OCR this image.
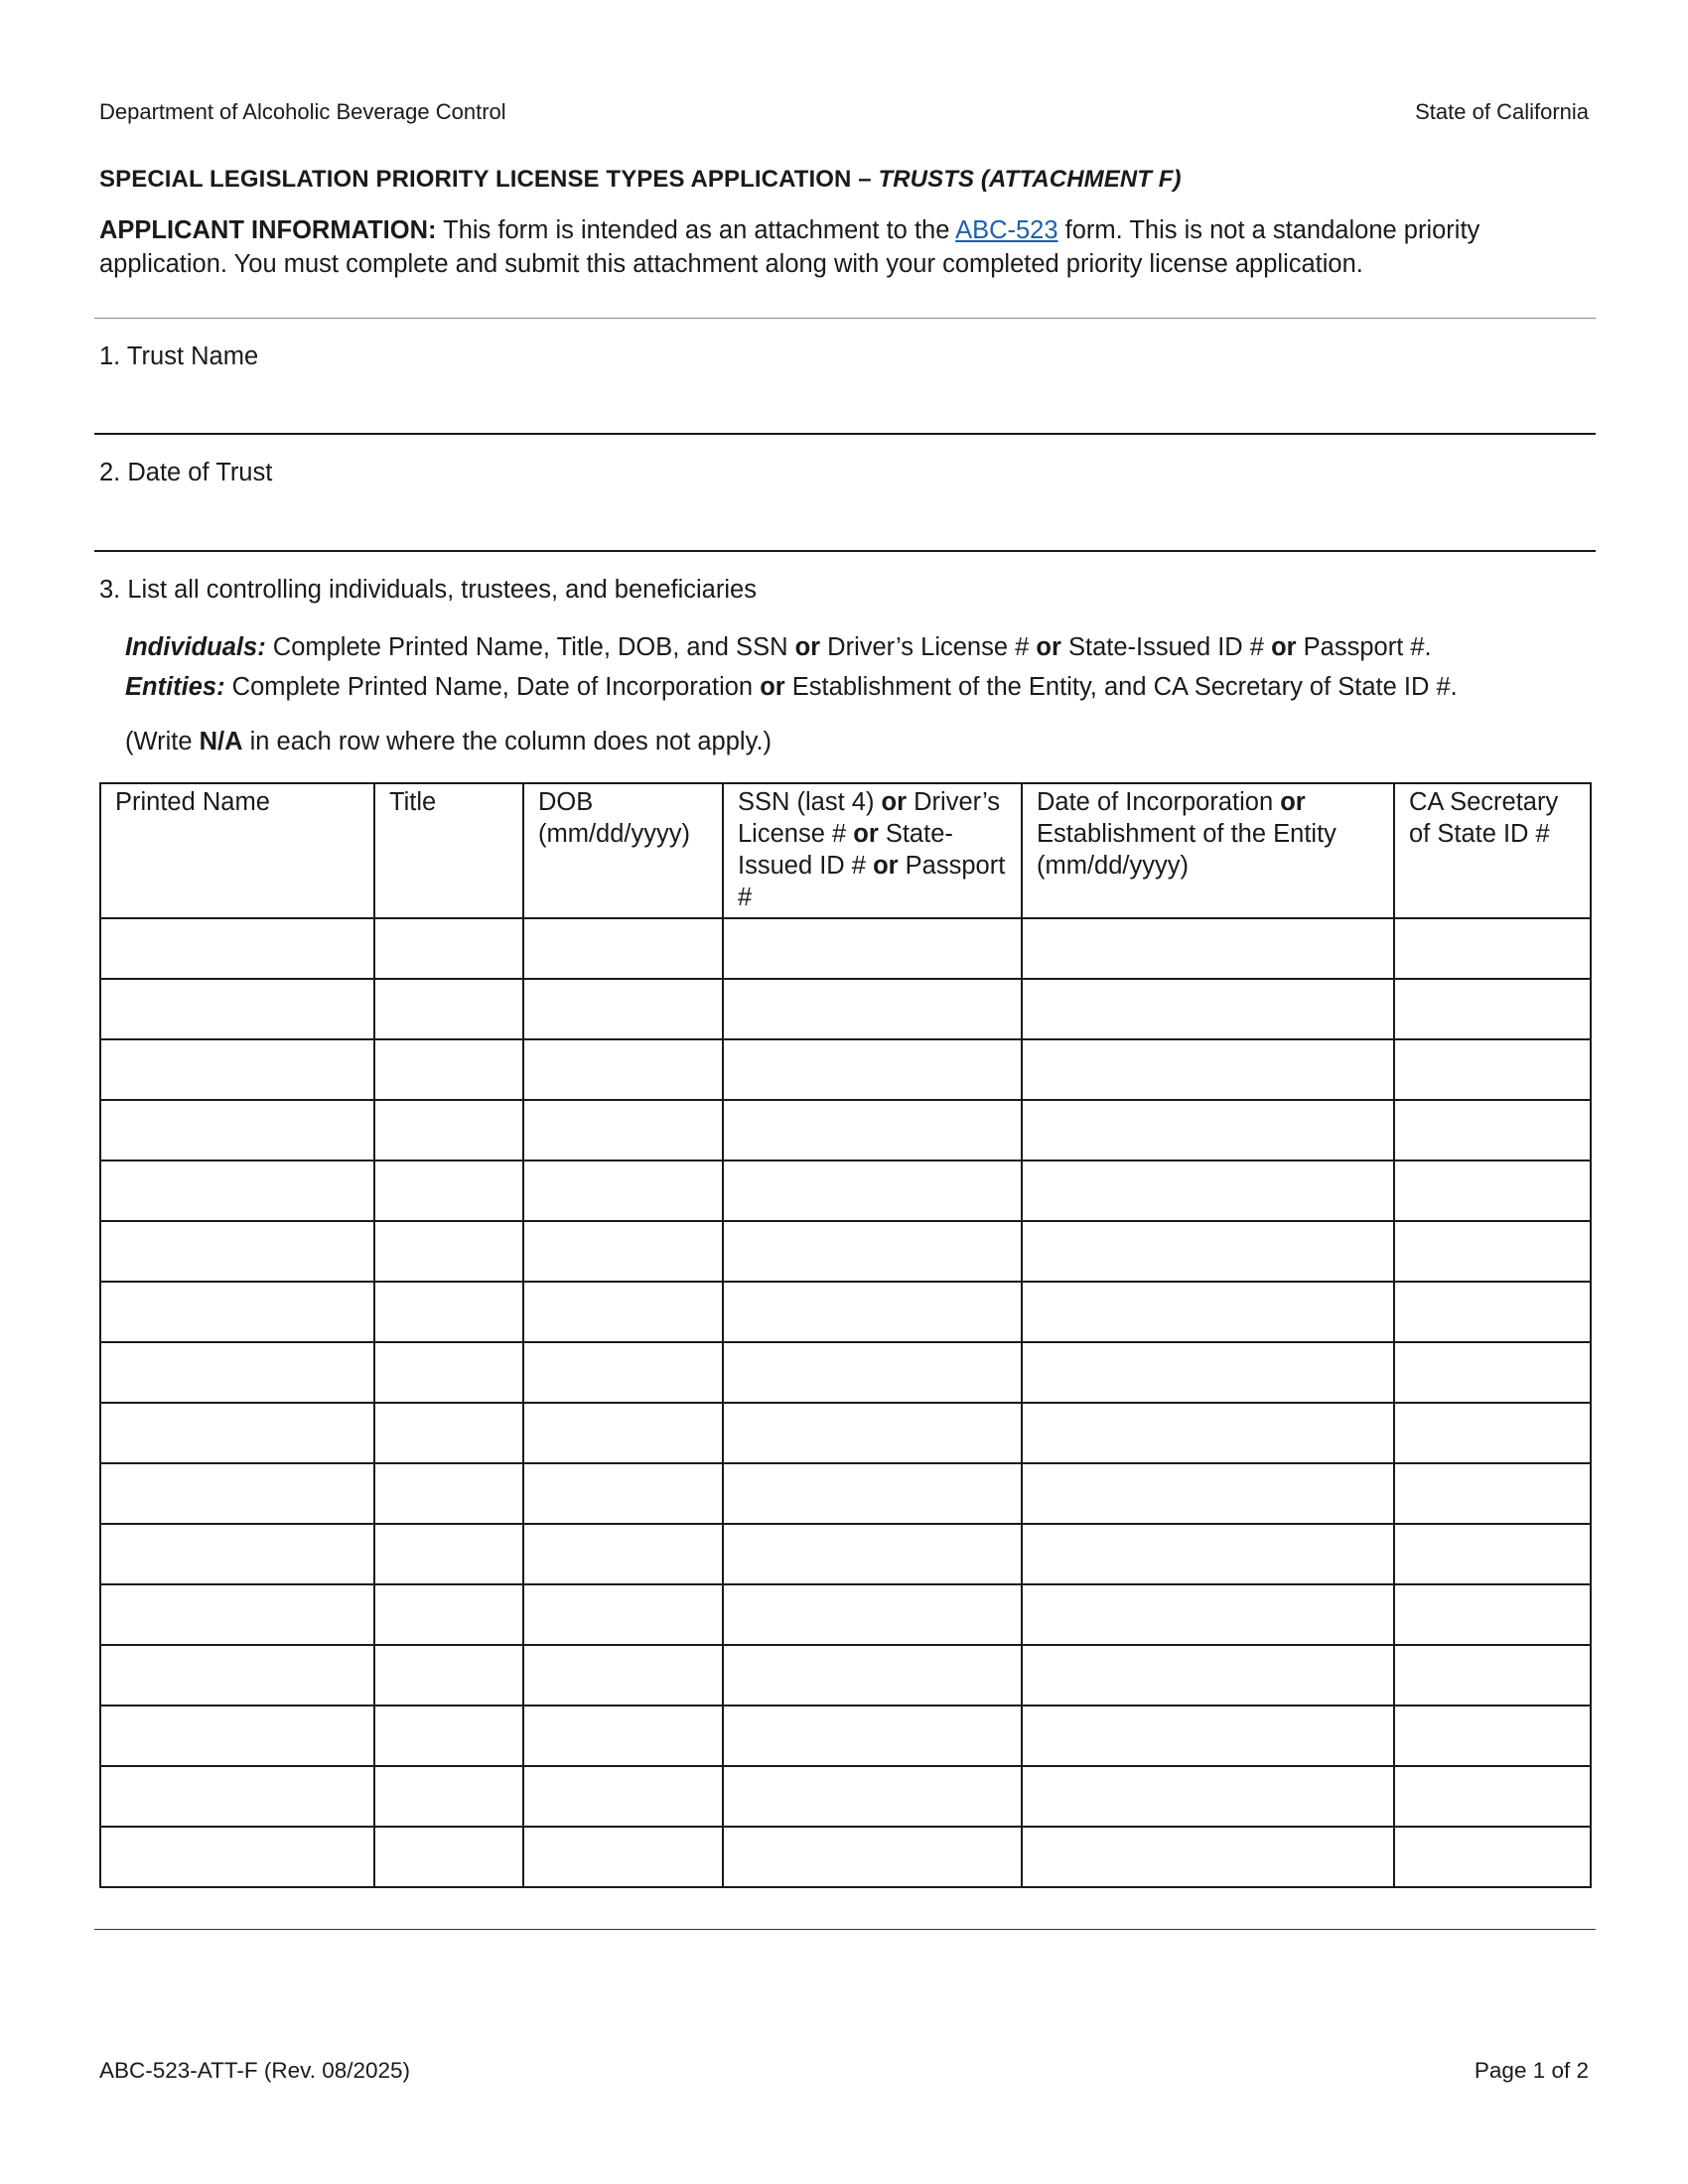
Department of Alcoholic Beverage Control	State of California
SPECIAL LEGISLATION PRIORITY LICENSE TYPES APPLICATION – TRUSTS (ATTACHMENT F)
APPLICANT INFORMATION: This form is intended as an attachment to the ABC-523 form. This is not a standalone priority application. You must complete and submit this attachment along with your completed priority license application.
1. Trust Name
2. Date of Trust
3. List all controlling individuals, trustees, and beneficiaries
Individuals: Complete Printed Name, Title, DOB, and SSN or Driver’s License # or State-Issued ID # or Passport #.
Entities: Complete Printed Name, Date of Incorporation or Establishment of the Entity, and CA Secretary of State ID #.
(Write N/A in each row where the column does not apply.)
Printed Name	Title	DOB (mm/dd/yyyy)	SSN (last 4) or Driver’s License # or State-Issued ID # or Passport #	Date of Incorporation or Establishment of the Entity (mm/dd/yyyy)	CA Secretary of State ID #

ABC-523-ATT-F (Rev. 08/2025)	Page 1 of 2
